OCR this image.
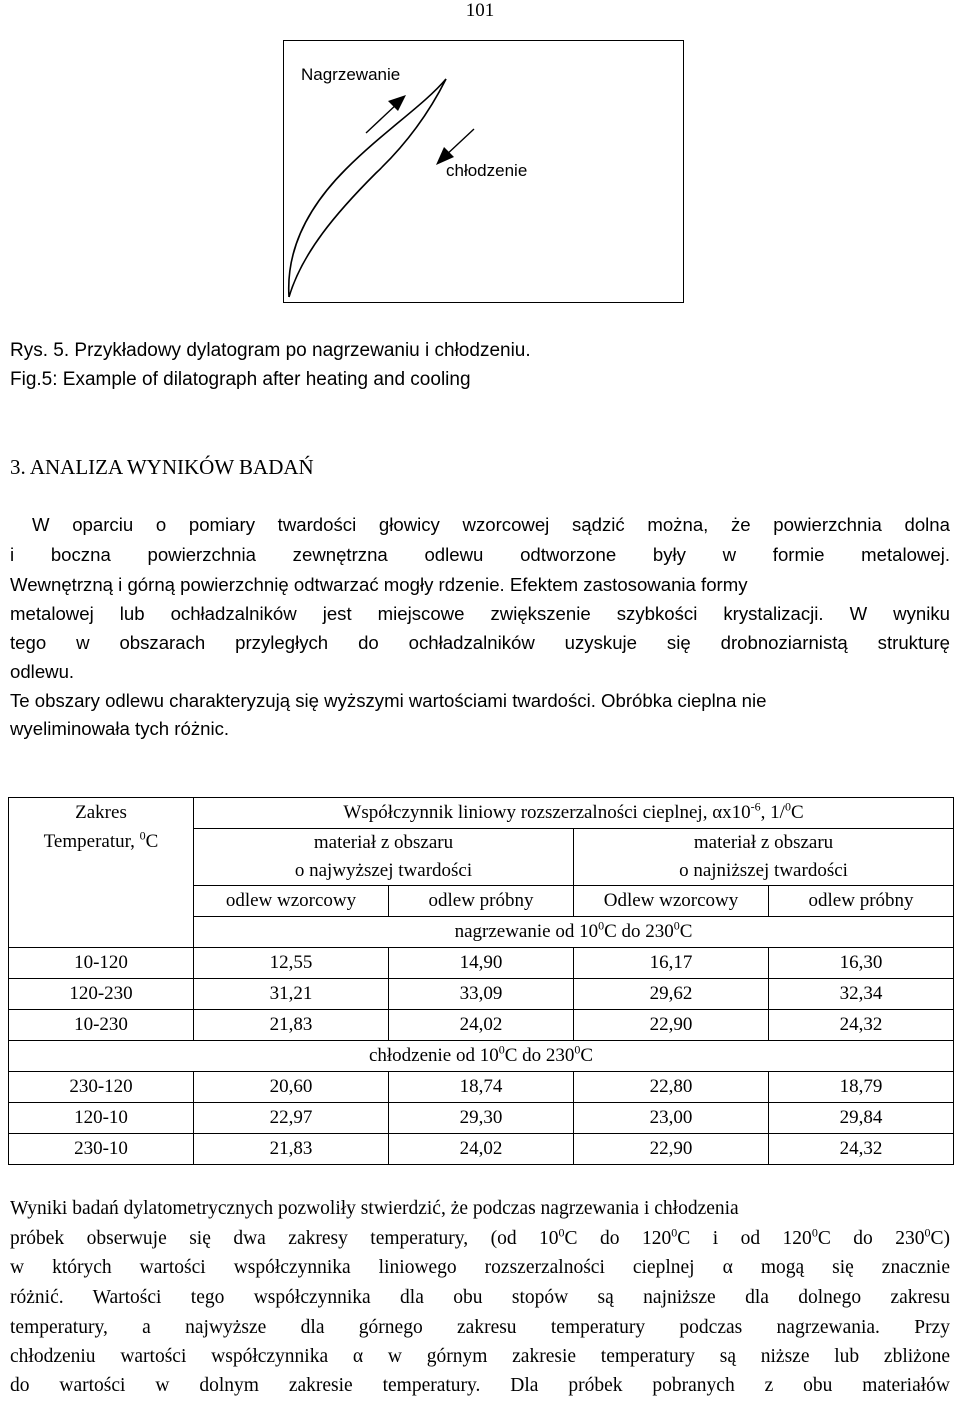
101
Nagrzewanie
chłodzenie
Rys. 5. Przykładowy dylatogram po nagrzewaniu i chłodzeniu.
Fig.5: Example of dilatograph after heating and cooling
3. ANALIZA WYNIKÓW BADAŃ
W oparciu o pomiary twardości głowicy wzorcowej sądzić można, że powierzchnia dolna
i boczna powierzchnia zewnętrzna odlewu odtworzone były w formie metalowej.
Wewnętrzną i górną powierzchnię odtwarzać mogły rdzenie. Efektem zastosowania formy
metalowej lub ochładzalników jest miejscowe zwiększenie szybkości krystalizacji. W wyniku
tego w obszarach przyległych do ochładzalników uzyskuje się drobnoziarnistą strukturę
odlewu.
Te obszary odlewu charakteryzują się wyższymi wartościami twardości. Obróbka cieplna nie
wyeliminowała tych różnic.
Zakres	Współczynnik liniowy rozszerzalności cieplnej, $\alpha x10^{-6}$, 1/$^0$C			
Temperatur, $^0$C	materiał z obszaru
o najwyższej twardości		materiał z obszaru
o najniższej twardości	
	odlew wzorcowy	odlew próbny	Odlew wzorcowy	odlew próbny
	nagrzewanie od $10^0C$ do $230^0C$			
10-120	12,55	14,90	16,17	16,30
120-230	31,21	33,09	29,62	32,34
10-230	21,83	24,02	22,90	24,32
chłodzenie od $10^0C$ do $230^0C$				
230-120	20,60	18,74	22,80	18,79
120-10	22,97	29,30	23,00	29,84
230-10	21,83	24,02	22,90	24,32
Wyniki badań dylatometrycznych pozwoliły stwierdzić, że podczas nagrzewania i chłodzenia
próbek obserwuje się dwa zakresy temperatury, (od $10^0C$ do $120^0C$ i od $120^0C$ do $230^0C$)
w których wartości współczynnika liniowego rozszerzalności cieplnej α mogą się znacznie
różnić. Wartości tego współczynnika dla obu stopów są najniższe dla dolnego zakresu
temperatury, a najwyższe dla górnego zakresu temperatury podczas nagrzewania. Przy
chłodzeniu wartości współczynnika α w górnym zakresie temperatury są niższe lub zbliżone
do wartości w dolnym zakresie temperatury. Dla próbek pobranych z obu materiałów
